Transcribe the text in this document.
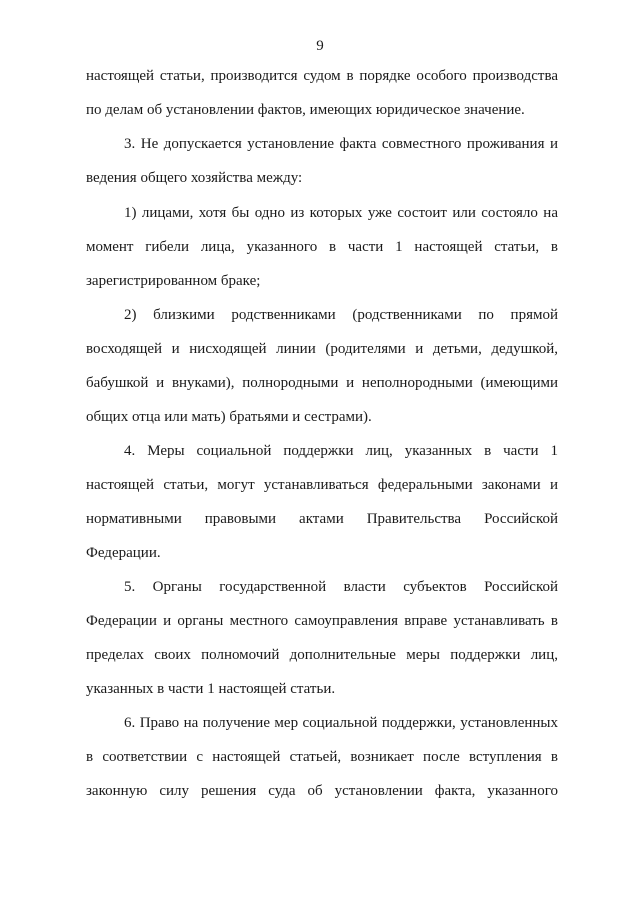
9
настоящей статьи, производится судом в порядке особого производства
по делам об установлении фактов, имеющих юридическое значение.
3. Не допускается установление факта совместного проживания и
ведения общего хозяйства между:
1) лицами, хотя бы одно из которых уже состоит или состояло на
момент гибели лица, указанного в части 1 настоящей статьи, в
зарегистрированном браке;
2) близкими родственниками (родственниками по прямой
восходящей и нисходящей линии (родителями и детьми, дедушкой,
бабушкой и внуками), полнородными и неполнородными (имеющими
общих отца или мать) братьями и сестрами).
4. Меры социальной поддержки лиц, указанных в части 1
настоящей статьи, могут устанавливаться федеральными законами и
нормативными правовыми актами Правительства Российской
Федерации.
5. Органы государственной власти субъектов Российской
Федерации и органы местного самоуправления вправе устанавливать в
пределах своих полномочий дополнительные меры поддержки лиц,
указанных в части 1 настоящей статьи.
6. Право на получение мер социальной поддержки, установленных
в соответствии с настоящей статьей, возникает после вступления в
законную силу решения суда об установлении факта, указанного
